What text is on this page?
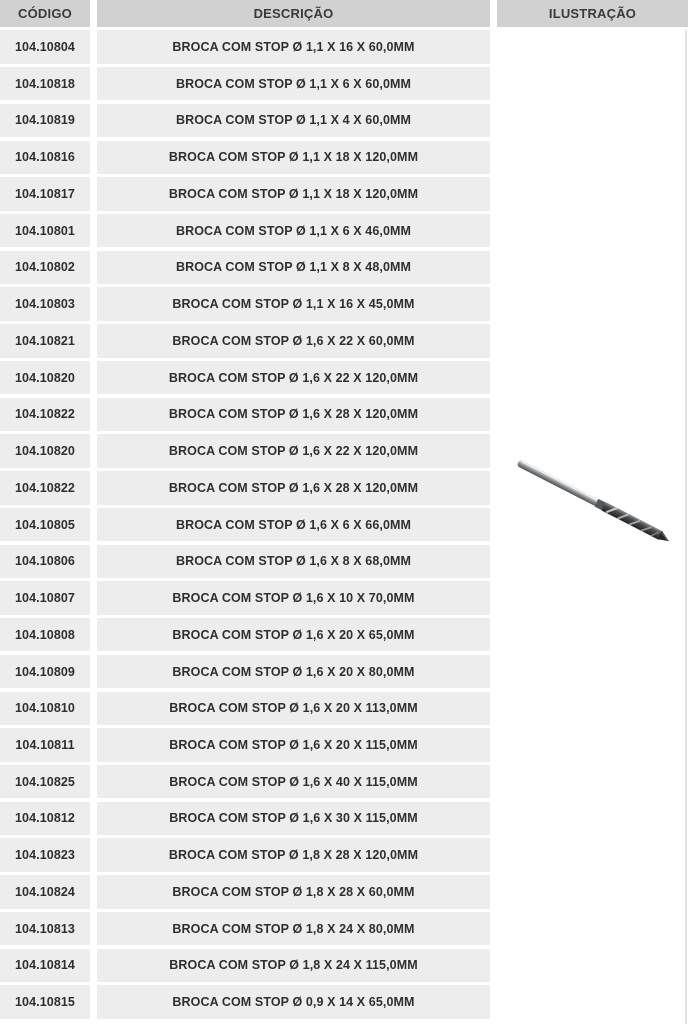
CÓDIGO	DESCRIÇÃO	ILUSTRAÇÃO
104.10804	BROCA COM STOP Ø 1,1 X 16 X 60,0MM
104.10818	BROCA COM STOP Ø 1,1 X 6 X 60,0MM
104.10819	BROCA COM STOP Ø 1,1 X 4 X 60,0MM
104.10816	BROCA COM STOP Ø 1,1 X 18 X 120,0MM
104.10817	BROCA COM STOP Ø 1,1 X 18 X 120,0MM
104.10801	BROCA COM STOP Ø 1,1 X 6 X 46,0MM
104.10802	BROCA COM STOP Ø 1,1 X 8 X 48,0MM
104.10803	BROCA COM STOP Ø 1,1 X 16 X 45,0MM
104.10821	BROCA COM STOP Ø 1,6 X 22 X 60,0MM
104.10820	BROCA COM STOP Ø 1,6 X 22 X 120,0MM
104.10822	BROCA COM STOP Ø 1,6 X 28 X 120,0MM
104.10820	BROCA COM STOP Ø 1,6 X 22 X 120,0MM
104.10822	BROCA COM STOP Ø 1,6 X 28 X 120,0MM
104.10805	BROCA COM STOP Ø 1,6 X 6 X 66,0MM
104.10806	BROCA COM STOP Ø 1,6 X 8 X 68,0MM
104.10807	BROCA COM STOP Ø 1,6 X 10 X 70,0MM
104.10808	BROCA COM STOP Ø 1,6 X 20 X 65,0MM
104.10809	BROCA COM STOP Ø 1,6 X 20 X 80,0MM
104.10810	BROCA COM STOP Ø 1,6 X 20 X 113,0MM
104.10811	BROCA COM STOP Ø 1,6 X 20 X 115,0MM
104.10825	BROCA COM STOP Ø 1,6 X 40 X 115,0MM
104.10812	BROCA COM STOP Ø 1,6 X 30 X 115,0MM
104.10823	BROCA COM STOP Ø 1,8 X 28 X 120,0MM
104.10824	BROCA COM STOP Ø 1,8 X 28 X 60,0MM
104.10813	BROCA COM STOP Ø 1,8 X 24 X 80,0MM
104.10814	BROCA COM STOP Ø 1,8 X 24 X 115,0MM
104.10815	BROCA COM STOP Ø 0,9 X 14 X 65,0MM
